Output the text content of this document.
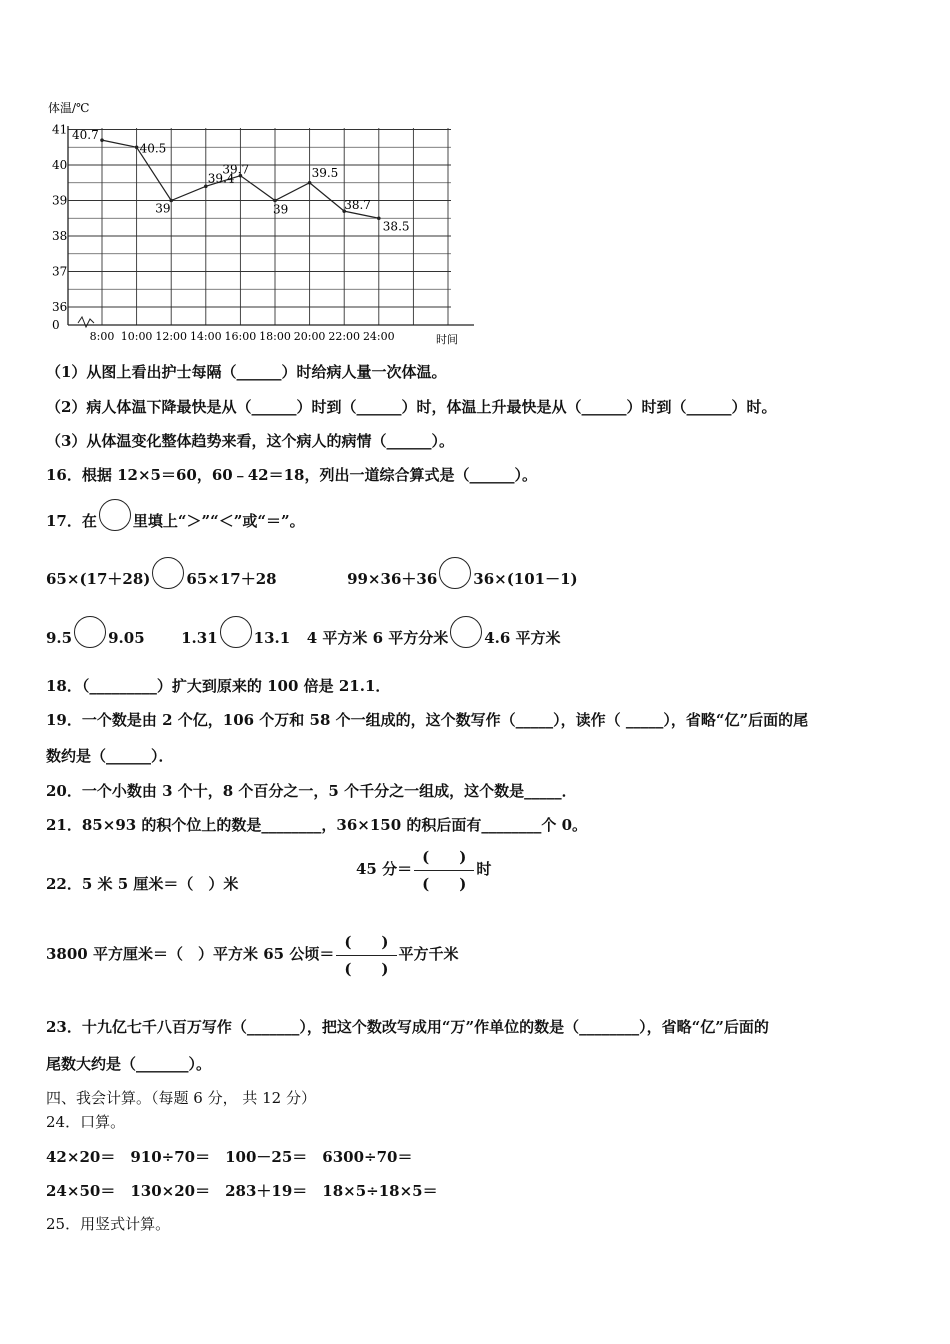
体温/℃
时间
0
36
37
38
39
40
41
8:00 10:00 12:00 14:00 16:00 18:00 20:00 22:00 24:00
40.7
40.5
39
39.4
39.7
39
39.5
38.7
38.5
（1）从图上看出护士每隔（______）时给病人量一次体温。
（2）病人体温下降最快是从（______）时到（______）时，体温上升最快是从（______）时到（______）时。
（3）从体温变化整体趋势来看，这个病人的病情（______）。
16．根据 12×5＝60，60﹣42＝18，列出一道综合算式是（______）。
17．在 里填上“＞”“＜”或“＝”。
65×(17＋28) 65×17＋28	99×36＋36 36×(101－1)
9.5 9.05 1.31 13.1 4 平方米 6 平方分米 4.6 平方米
18．（_________）扩大到原来的 100 倍是 21.1．
19．一个数是由 2 个亿，106 个万和 58 个一组成的，这个数写作（_____），读作（ _____），省略“亿”后面的尾
数约是（______）．
20．一个小数由 3 个十，8 个百分之一，5 个千分之一组成，这个数是_____．
21．85×93 的积个位上的数是________，36×150 的积后面有________个 0。
22．5 米 5 厘米＝（　）米
45 分＝ $\frac{( )}{( )}$ 时
3800 平方厘米＝（　）平方米 65 公顷＝ $\frac{( )}{( )}$ 平方千米
23．十九亿七千八百万写作（_______），把这个数改写成用“万”作单位的数是（________），省略“亿”后面的
尾数大约是（_______）。
四、我会计算。（每题 6 分， 共 12 分）
24．口算。
42×20＝　910÷70＝　100－25＝　6300÷70＝
24×50＝　130×20＝　283＋19＝　18×5÷18×5＝
25．用竖式计算。
